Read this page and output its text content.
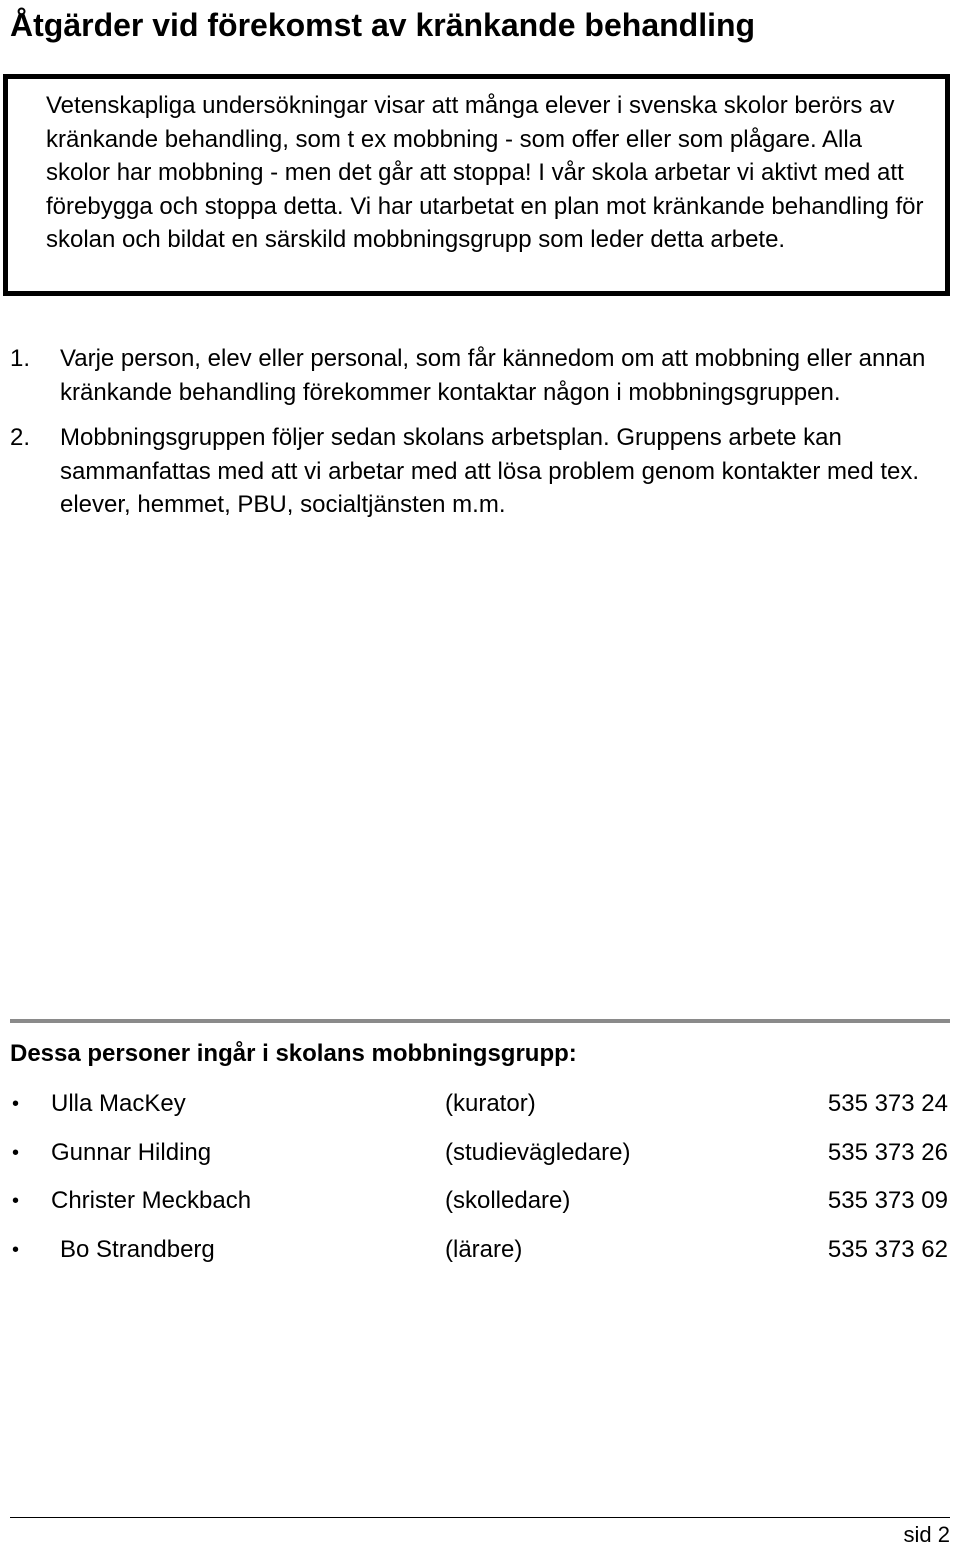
Åtgärder vid förekomst av kränkande behandling

Vetenskapliga undersökningar visar att många elever i svenska skolor berörs av kränkande behandling, som t ex mobbning - som offer eller som plågare. Alla skolor har mobbning - men det går att stoppa! I vår skola arbetar vi aktivt med att förebygga och stoppa detta. Vi har utarbetat en plan mot kränkande behandling för skolan och bildat en särskild mobbningsgrupp som leder detta arbete.

1. Varje person, elev eller personal, som får kännedom om att mobbning eller annan kränkande behandling förekommer kontaktar någon i mobbningsgruppen.
2. Mobbningsgruppen följer sedan skolans arbetsplan. Gruppens arbete kan sammanfattas med att vi arbetar med att lösa problem genom kontakter med tex. elever, hemmet, PBU, socialtjänsten m.m.
Dessa personer ingår i skolans mobbningsgrupp:
• Ulla MacKey	(kurator)	535 373 24
• Gunnar Hilding	(studievägledare)	535 373 26
• Christer Meckbach	(skolledare)	535 373 09
• Bo Strandberg	(lärare)	535 373 62
sid 2
